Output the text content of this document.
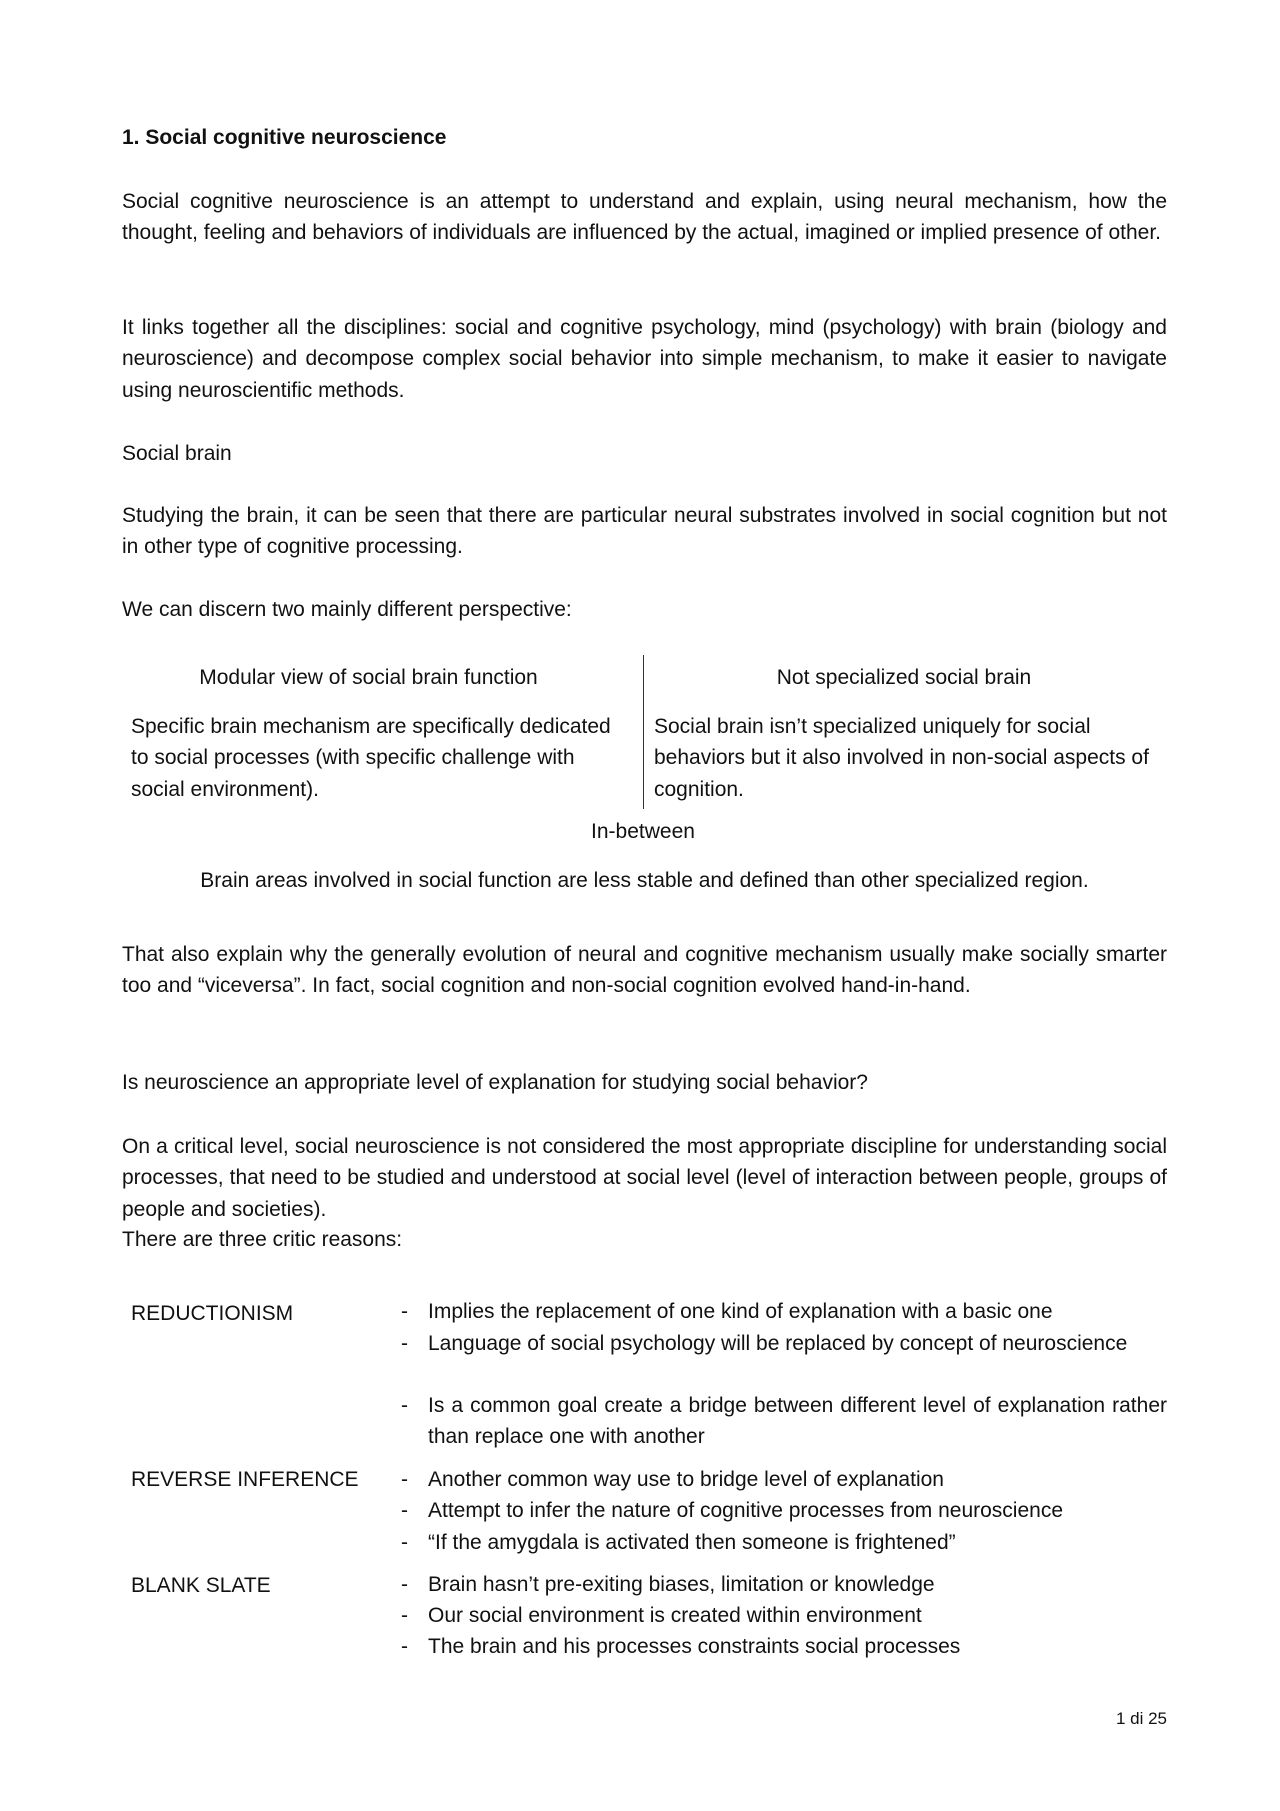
1. Social cognitive neuroscience
Social cognitive neuroscience is an attempt to understand and explain, using neural mechanism, how the thought, feeling and behaviors of individuals are influenced by the actual, imagined or implied presence of other.
It links together all the disciplines: social and cognitive psychology, mind (psychology) with brain (biology and neuroscience) and decompose complex social behavior into simple mechanism, to make it easier to navigate using neuroscientific methods.
Social brain
Studying the brain, it can be seen that there are particular neural substrates involved in social cognition but not in other type of cognitive processing.
We can discern two mainly different perspective:
Modular view of social brain function
Specific brain mechanism are specifically dedicated to social processes (with specific challenge with social environment).
Not specialized social brain
Social brain isn’t specialized uniquely for social behaviors but it also involved in non-social aspects of cognition.
In-between
Brain areas involved in social function are less stable and defined than other specialized region.
That also explain why the generally evolution of neural and cognitive mechanism usually make socially smarter too and “viceversa”. In fact, social cognition and non-social cognition evolved hand-in-hand.
Is neuroscience an appropriate level of explanation for studying social behavior?
On a critical level, social neuroscience is not considered the most appropriate discipline for understanding social processes, that need to be studied and understood at social level (level of interaction between people, groups of people and societies).
There are three critic reasons:
REDUCTIONISM	- Implies the replacement of one kind of explanation with a basic one
- Language of social psychology will be replaced by concept of neuroscience
- Is a common goal create a bridge between different level of explanation rather than replace one with another
REVERSE INFERENCE - Another common way use to bridge level of explanation
- Attempt to infer the nature of cognitive processes from neuroscience
- “If the amygdala is activated then someone is frightened”
BLANK SLATE	- Brain hasn’t pre-exiting biases, limitation or knowledge
- Our social environment is created within environment
- The brain and his processes constraints social processes
1 di 25
